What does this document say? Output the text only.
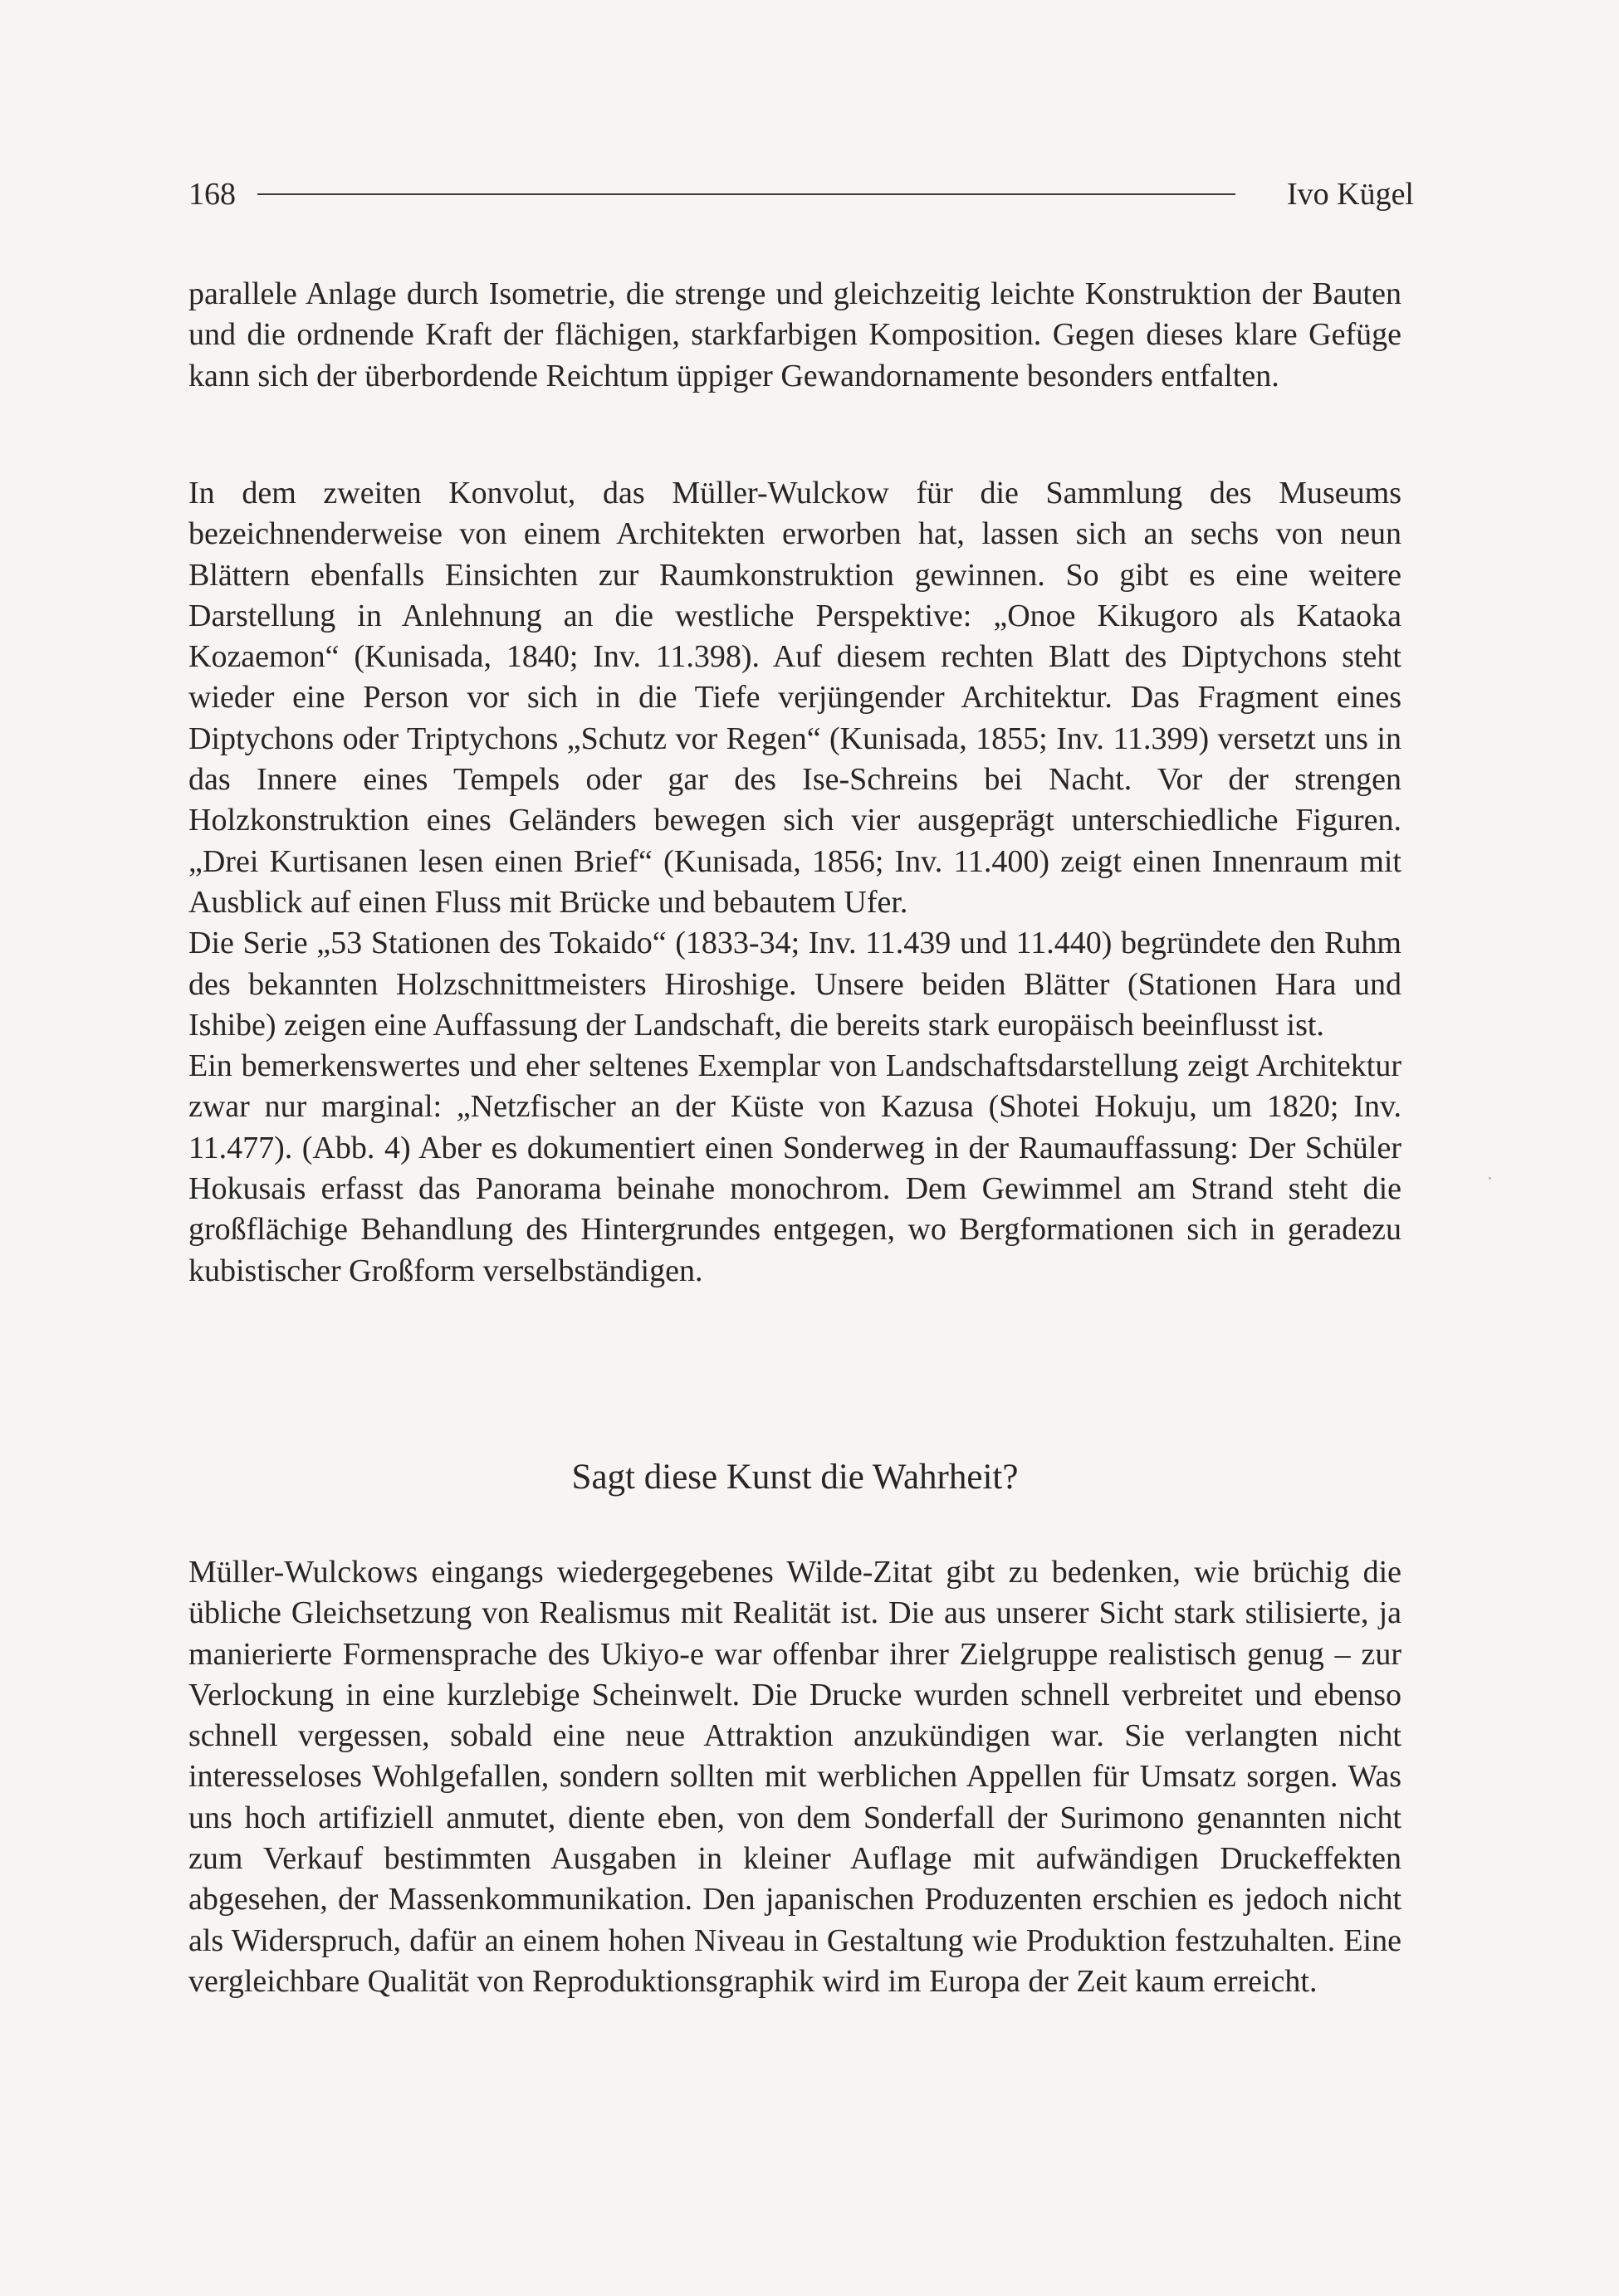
168	Ivo Kügel

parallele Anlage durch Isometrie, die strenge und gleichzeitig leichte Konstruktion der Bauten und die ordnende Kraft der flächigen, starkfarbigen Komposition. Gegen dieses klare Gefüge kann sich der überbordende Reichtum üppiger Gewandornamente besonders entfalten.

In dem zweiten Konvolut, das Müller-Wulckow für die Sammlung des Museums bezeichnenderweise von einem Architekten erworben hat, lassen sich an sechs von neun Blättern ebenfalls Einsichten zur Raumkonstruktion gewinnen. So gibt es eine weitere Darstellung in Anlehnung an die westliche Perspektive: „Onoe Kikugoro als Kataoka Kozaemon“ (Kunisada, 1840; Inv. 11.398). Auf diesem rechten Blatt des Diptychons steht wieder eine Person vor sich in die Tiefe verjüngender Architektur. Das Fragment eines Diptychons oder Triptychons „Schutz vor Regen“ (Kunisada, 1855; Inv. 11.399) versetzt uns in das Innere eines Tempels oder gar des Ise-Schreins bei Nacht. Vor der strengen Holzkonstruktion eines Geländers bewegen sich vier ausgeprägt unterschiedliche Figuren. „Drei Kurtisanen lesen einen Brief“ (Kunisada, 1856; Inv. 11.400) zeigt einen Innenraum mit Ausblick auf einen Fluss mit Brücke und bebautem Ufer.

Die Serie „53 Stationen des Tokaido“ (1833-34; Inv. 11.439 und 11.440) begründete den Ruhm des bekannten Holzschnittmeisters Hiroshige. Unsere beiden Blätter (Stationen Hara und Ishibe) zeigen eine Auffassung der Landschaft, die bereits stark europäisch beeinflusst ist.

Ein bemerkenswertes und eher seltenes Exemplar von Landschaftsdarstellung zeigt Architektur zwar nur marginal: „Netzfischer an der Küste von Kazusa (Shotei Hokuju, um 1820; Inv. 11.477). (Abb. 4) Aber es dokumentiert einen Sonderweg in der Raumauffassung: Der Schüler Hokusais erfasst das Panorama beinahe monochrom. Dem Gewimmel am Strand steht die großflächige Behandlung des Hintergrundes entgegen, wo Bergformationen sich in geradezu kubistischer Großform verselbständigen.

Sagt diese Kunst die Wahrheit?

Müller-Wulckows eingangs wiedergegebenes Wilde-Zitat gibt zu bedenken, wie brüchig die übliche Gleichsetzung von Realismus mit Realität ist. Die aus unserer Sicht stark stilisierte, ja manierierte Formensprache des Ukiyo-e war offenbar ihrer Zielgruppe realistisch genug – zur Verlockung in eine kurzlebige Scheinwelt. Die Drucke wurden schnell verbreitet und ebenso schnell vergessen, sobald eine neue Attraktion anzukündigen war. Sie verlangten nicht interesseloses Wohlgefallen, sondern sollten mit werblichen Appellen für Umsatz sorgen. Was uns hoch artifiziell anmutet, diente eben, von dem Sonderfall der Surimono genannten nicht zum Verkauf bestimmten Ausgaben in kleiner Auflage mit aufwändigen Druckeffekten abgesehen, der Massenkommunikation. Den japanischen Produzenten erschien es jedoch nicht als Widerspruch, dafür an einem hohen Niveau in Gestaltung wie Produktion festzuhalten. Eine vergleichbare Qualität von Reproduktionsgraphik wird im Europa der Zeit kaum erreicht.
